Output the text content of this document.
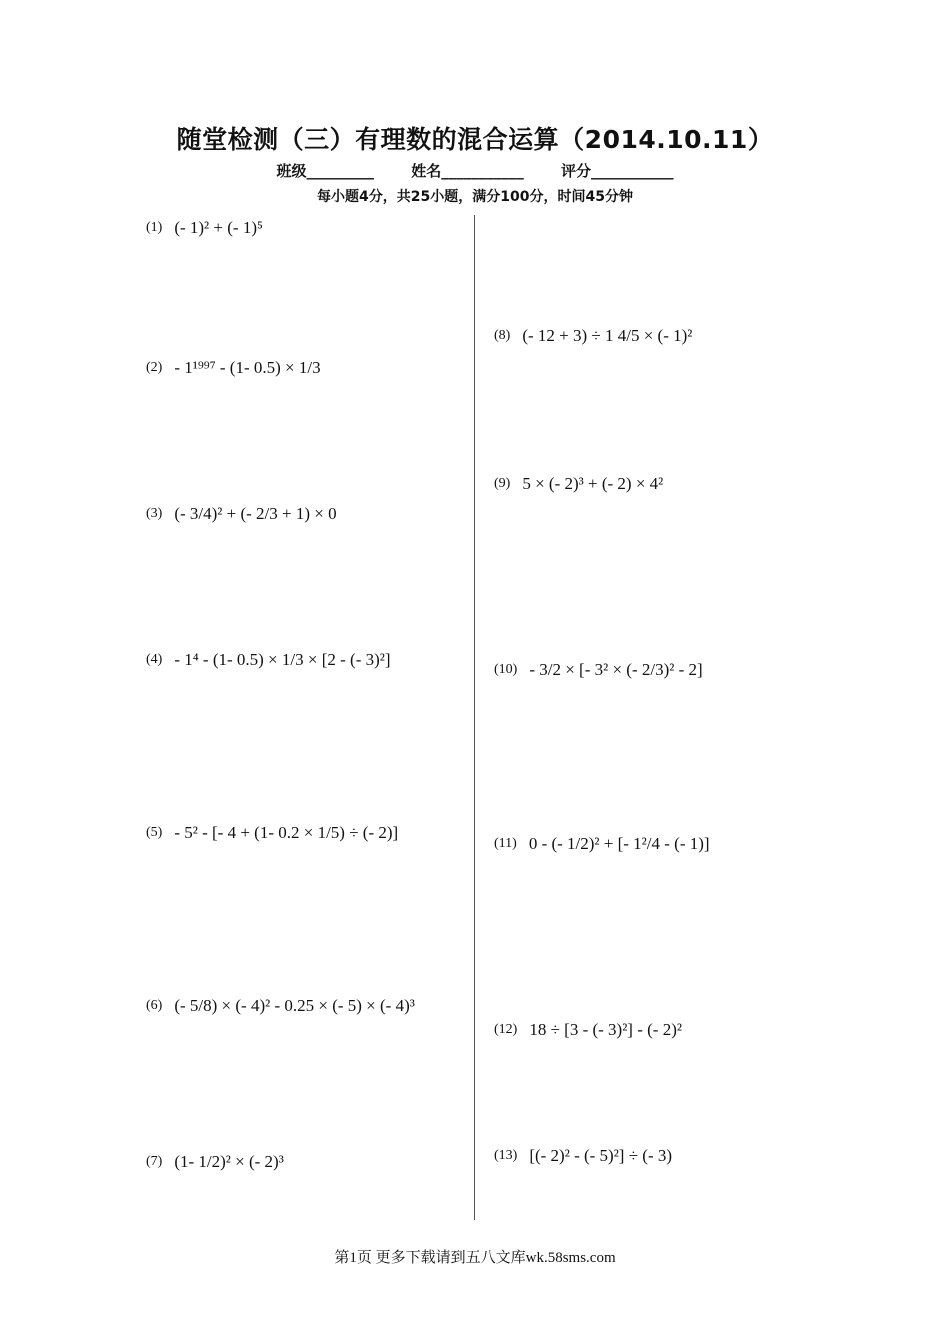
随堂检测（三）有理数的混合运算（2014.10.11）
班级_________ 姓名___________ 评分___________
每小题4分，共25小题，满分100分，时间45分钟
(1) (- 1)² + (- 1)⁵
(2) - 1¹⁹⁹⁷ - (1- 0.5) × 1/3
(3) (- 3/4)² + (- 2/3 + 1) × 0
(4) - 1⁴ - (1- 0.5) × 1/3 × [2 - (- 3)²]
(5) - 5² - [- 4 + (1- 0.2 × 1/5) ÷ (- 2)]
(6) (- 5/8) × (- 4)² - 0.25 × (- 5) × (- 4)³
(7) (1- 1/2)² × (- 2)³
(8) (- 12 + 3) ÷ 1 4/5 × (- 1)²
(9) 5 × (- 2)³ + (- 2) × 4²
(10) - 3/2 × [- 3² × (- 2/3)² - 2]
(11) 0 - (- 1/2)² + [- 1²/4 - (- 1)]
(12) 18 ÷ [3 - (- 3)²] - (- 2)²
(13) [(- 2)² - (- 5)²] ÷ (- 3)
第1页 更多下载请到五八文库wk.58sms.com
